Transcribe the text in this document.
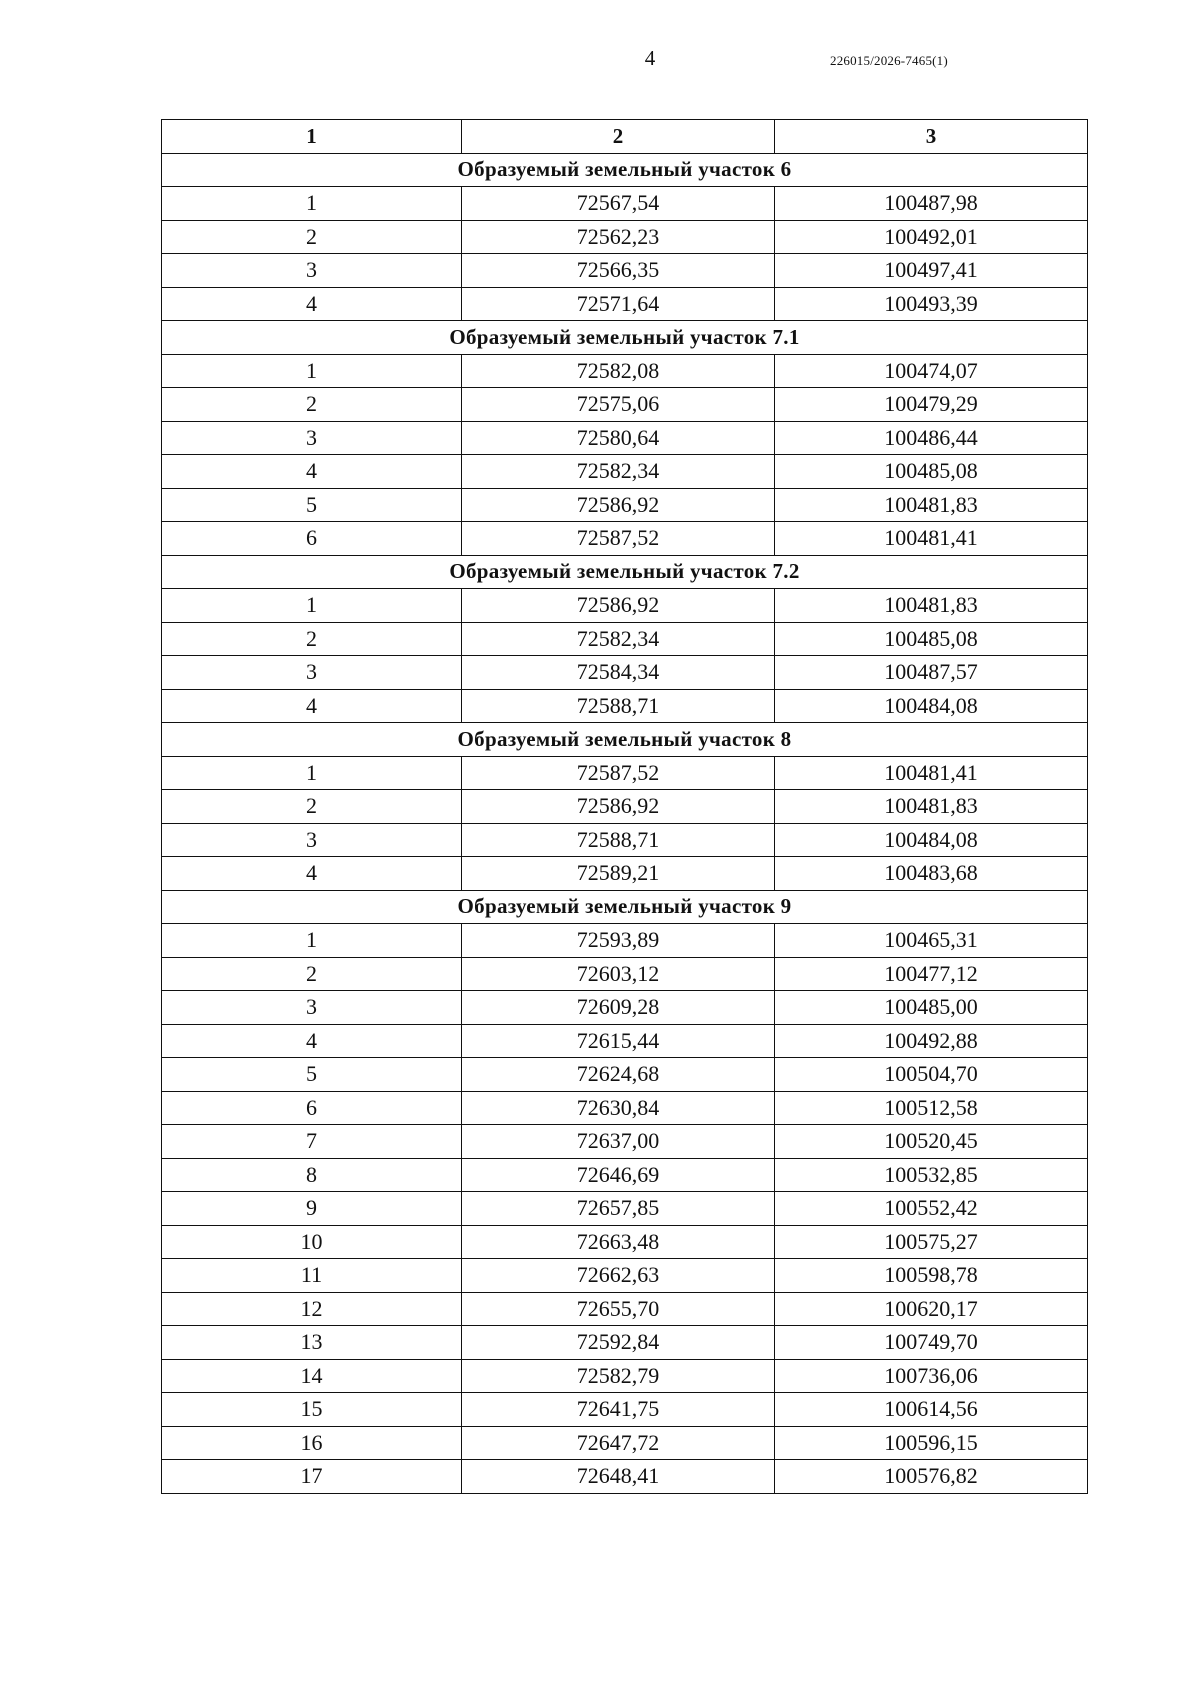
4	226015/2026-7465(1)
1	2	3
Образуемый земельный участок 6		
1	72567,54	100487,98
2	72562,23	100492,01
3	72566,35	100497,41
4	72571,64	100493,39
Образуемый земельный участок 7.1		
1	72582,08	100474,07
2	72575,06	100479,29
3	72580,64	100486,44
4	72582,34	100485,08
5	72586,92	100481,83
6	72587,52	100481,41
Образуемый земельный участок 7.2		
1	72586,92	100481,83
2	72582,34	100485,08
3	72584,34	100487,57
4	72588,71	100484,08
Образуемый земельный участок 8		
1	72587,52	100481,41
2	72586,92	100481,83
3	72588,71	100484,08
4	72589,21	100483,68
Образуемый земельный участок 9		
1	72593,89	100465,31
2	72603,12	100477,12
3	72609,28	100485,00
4	72615,44	100492,88
5	72624,68	100504,70
6	72630,84	100512,58
7	72637,00	100520,45
8	72646,69	100532,85
9	72657,85	100552,42
10	72663,48	100575,27
11	72662,63	100598,78
12	72655,70	100620,17
13	72592,84	100749,70
14	72582,79	100736,06
15	72641,75	100614,56
16	72647,72	100596,15
17	72648,41	100576,82
